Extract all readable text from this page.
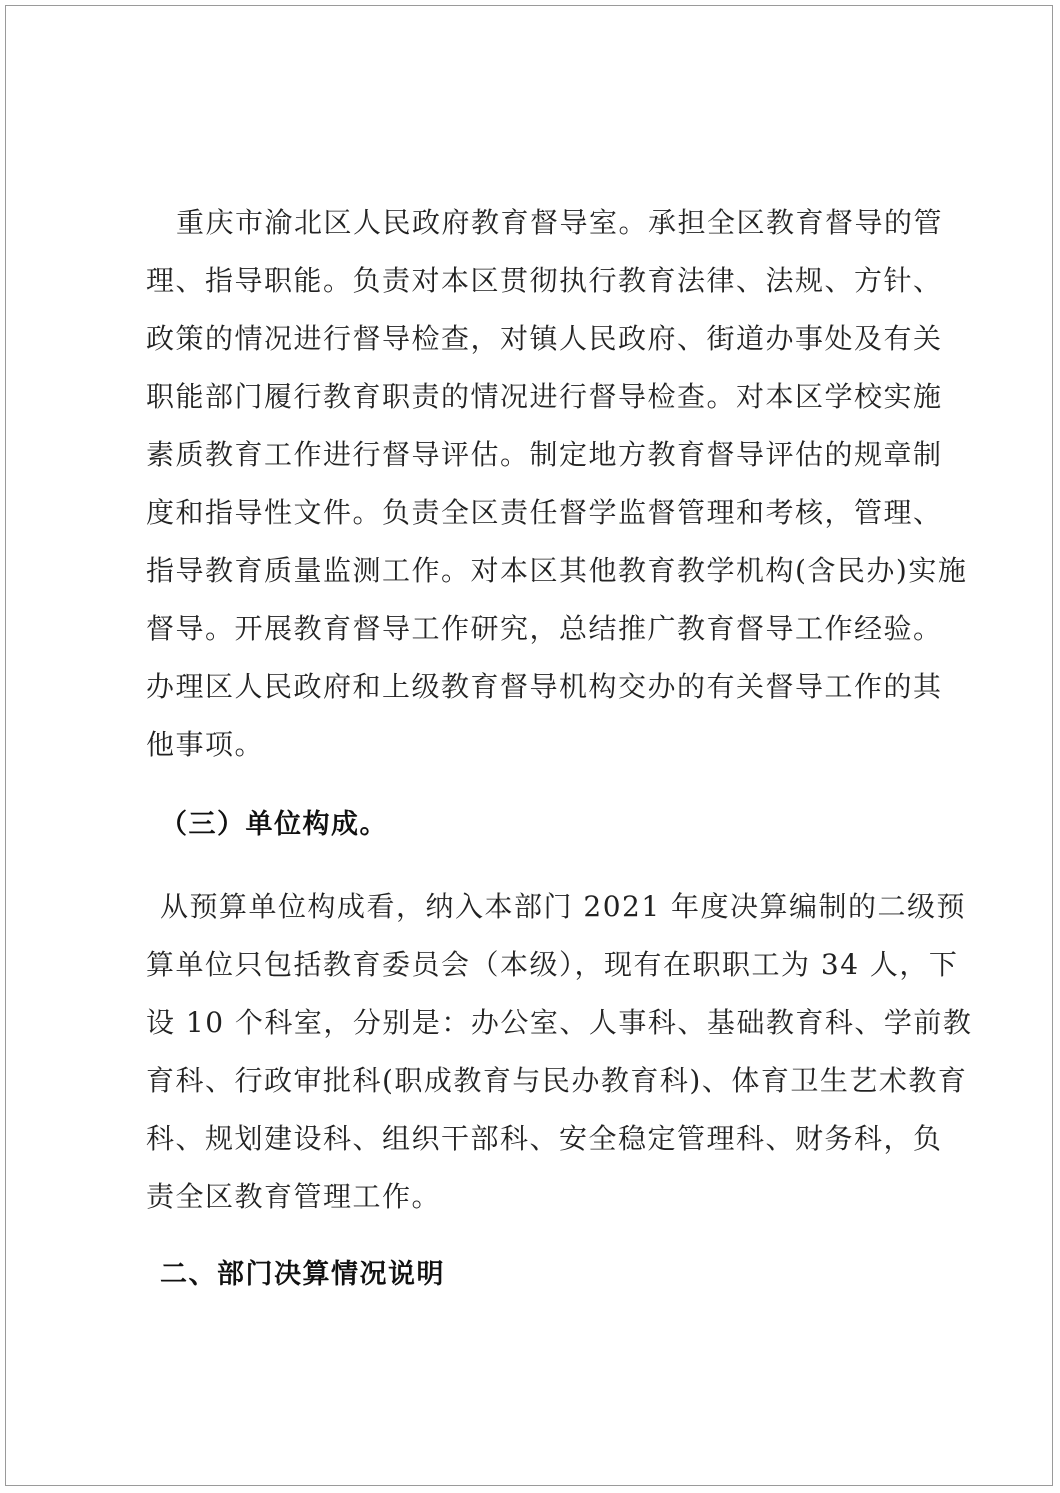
重庆市渝北区人民政府教育督导室。承担全区教育督导的管
理、指导职能。负责对本区贯彻执行教育法律、法规、方针、
政策的情况进行督导检查，对镇人民政府、街道办事处及有关
职能部门履行教育职责的情况进行督导检查。对本区学校实施
素质教育工作进行督导评估。制定地方教育督导评估的规章制
度和指导性文件。负责全区责任督学监督管理和考核，管理、
指导教育质量监测工作。对本区其他教育教学机构(含民办)实施
督导。开展教育督导工作研究，总结推广教育督导工作经验。
办理区人民政府和上级教育督导机构交办的有关督导工作的其
他事项。
（三）单位构成。
从预算单位构成看，纳入本部门 2021 年度决算编制的二级预
算单位只包括教育委员会（本级），现有在职职工为 34 人，下
设 10 个科室，分别是：办公室、人事科、基础教育科、学前教
育科、行政审批科(职成教育与民办教育科)、体育卫生艺术教育
科、规划建设科、组织干部科、安全稳定管理科、财务科，负
责全区教育管理工作。
二、部门决算情况说明
